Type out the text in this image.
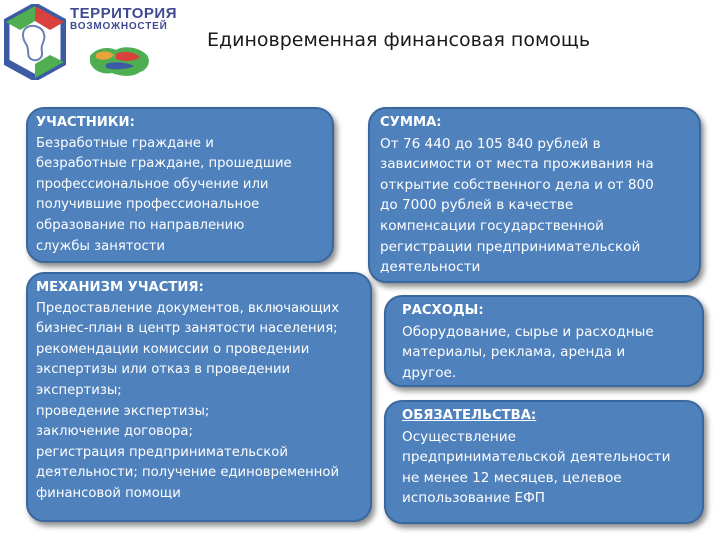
ТЕРРИТОРИЯ
ВОЗМОЖНОСТЕЙ
Единовременная финансовая помощь
УЧАСТНИКИ:
Безработные граждане и
безработные граждане, прошедшие
профессиональное обучение или
получившие профессиональное
образование по направлению
службы занятости
МЕХАНИЗМ УЧАСТИЯ:
Предоставление документов, включающих
бизнес-план в центр занятости населения;
рекомендации комиссии о проведении
экспертизы или отказ в проведении
экспертизы;
проведение экспертизы;
заключение договора;
регистрация предпринимательской
деятельности; получение единовременной
финансовой помощи
СУММА:
От 76 440 до 105 840 рублей в
зависимости от места проживания на
открытие собственного дела и от 800
до 7000 рублей в качестве
компенсации государственной
регистрации предпринимательской
деятельности
РАСХОДЫ:
Оборудование, сырье и расходные
материалы, реклама, аренда и
другое.
ОБЯЗАТЕЛЬСТВА:
Осуществление
предпринимательской деятельности
не менее 12 месяцев, целевое
использование ЕФП
